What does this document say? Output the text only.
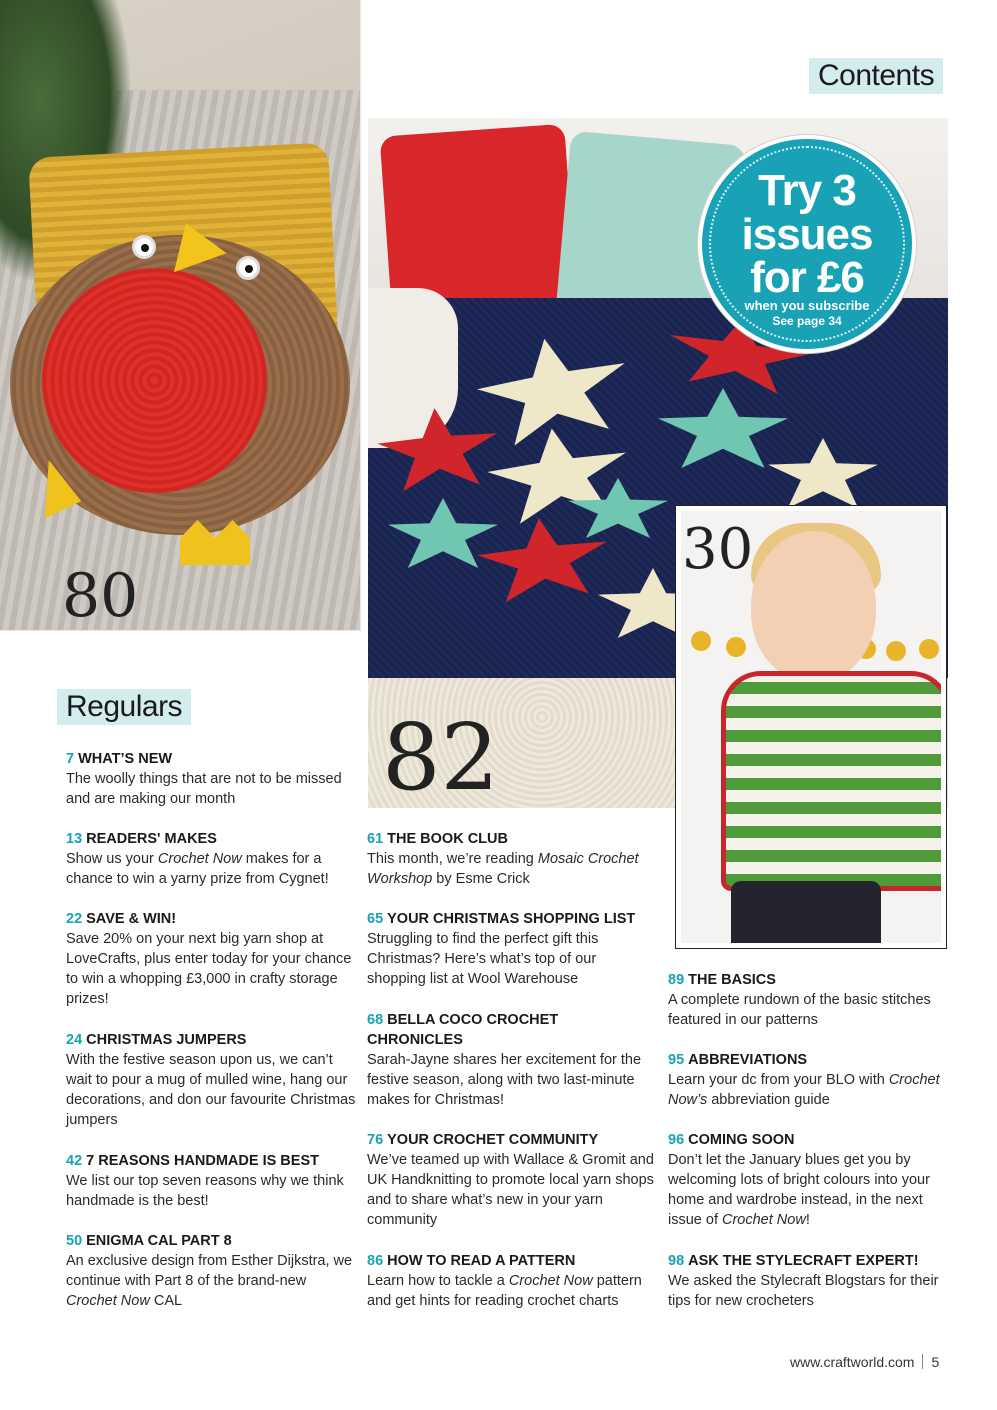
80
82
Try 3
issues
for £6
when you subscribe
See page 34
30
Contents
Regulars
7 WHAT’S NEW
The woolly things that are not to be missed and are making our month
13 READERS' MAKES
Show us your Crochet Now makes for a chance to win a yarny prize from Cygnet!
22 SAVE & WIN!
Save 20% on your next big yarn shop at LoveCrafts, plus enter today for your chance to win a whopping £3,000 in crafty storage prizes!
24 CHRISTMAS JUMPERS
With the festive season upon us, we can’t wait to pour a mug of mulled wine, hang our decorations, and don our favourite Christmas jumpers
42 7 REASONS HANDMADE IS BEST
We list our top seven reasons why we think handmade is the best!
50 ENIGMA CAL PART 8
An exclusive design from Esther Dijkstra, we continue with Part 8 of the brand-new Crochet Now CAL
61 THE BOOK CLUB
This month, we’re reading Mosaic Crochet Workshop by Esme Crick
65 YOUR CHRISTMAS SHOPPING LIST
Struggling to find the perfect gift this Christmas? Here’s what’s top of our shopping list at Wool Warehouse
68 BELLA COCO CROCHET CHRONICLES
Sarah-Jayne shares her excitement for the festive season, along with two last-minute makes for Christmas!
76 YOUR CROCHET COMMUNITY
We’ve teamed up with Wallace & Gromit and UK Handknitting to promote local yarn shops and to share what’s new in your yarn community
86 HOW TO READ A PATTERN
Learn how to tackle a Crochet Now pattern and get hints for reading crochet charts
89 THE BASICS
A complete rundown of the basic stitches featured in our patterns
95 ABBREVIATIONS
Learn your dc from your BLO with Crochet Now’s abbreviation guide
96 COMING SOON
Don’t let the January blues get you by welcoming lots of bright colours into your home and wardrobe instead, in the next issue of Crochet Now!
98 ASK THE STYLECRAFT EXPERT!
We asked the Stylecraft Blogstars for their tips for new crocheters
www.craftworld.com 5
